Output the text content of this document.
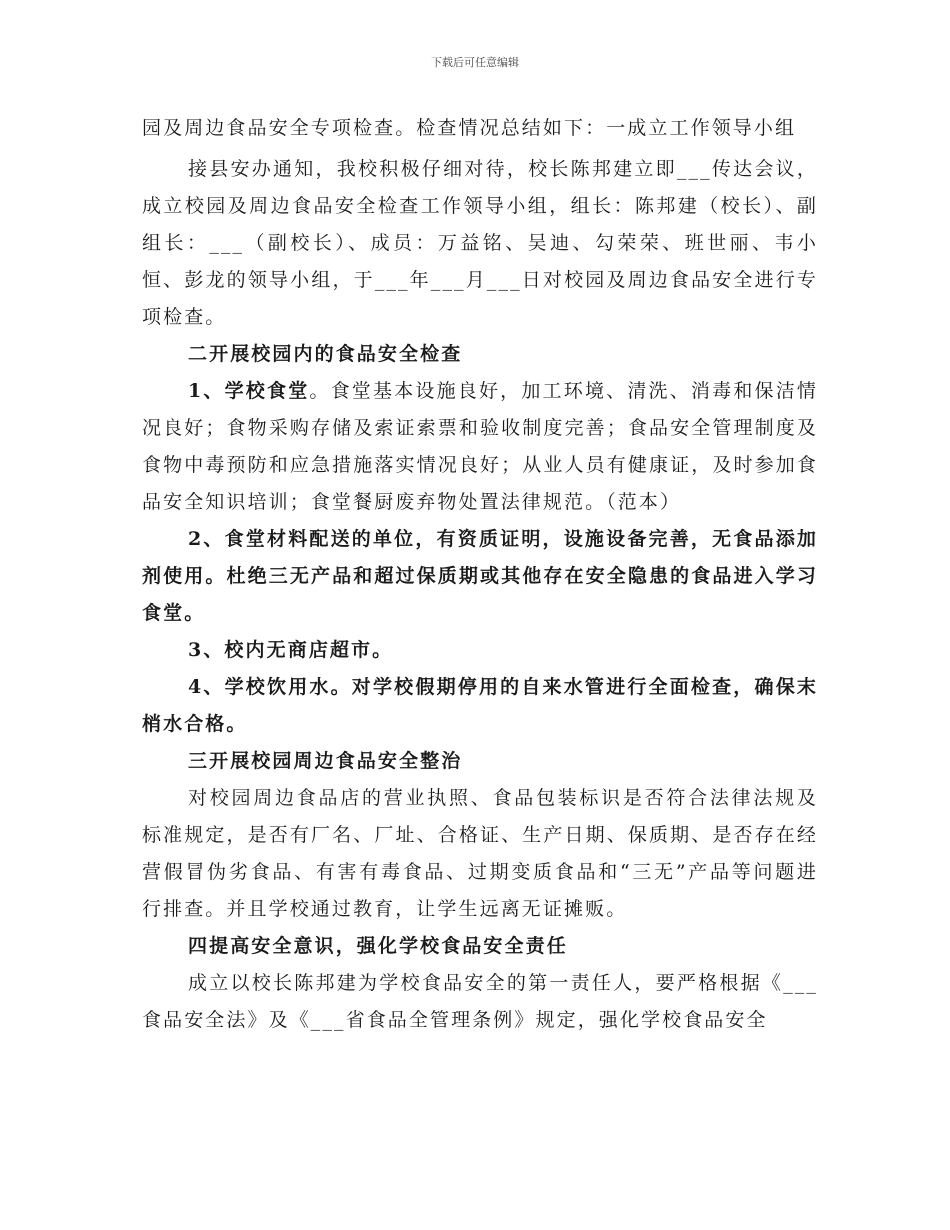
下载后可任意编辑

园及周边食品安全专项检查。检查情况总结如下：一成立工作领导小组

接县安办通知，我校积极仔细对待，校长陈邦建立即___传达会议，成立校园及周边食品安全检查工作领导小组，组长：陈邦建（校长）、副组长：___（副校长）、成员：万益铭、吴迪、勾荣荣、班世丽、韦小恒、彭龙的领导小组，于___年___月___日对校园及周边食品安全进行专项检查。

二开展校园内的食品安全检查

1、学校食堂。食堂基本设施良好，加工环境、清洗、消毒和保洁情况良好；食物采购存储及索证索票和验收制度完善；食品安全管理制度及食物中毒预防和应急措施落实情况良好；从业人员有健康证，及时参加食品安全知识培训；食堂餐厨废弃物处置法律规范。（范本）

2、食堂材料配送的单位，有资质证明，设施设备完善，无食品添加剂使用。杜绝三无产品和超过保质期或其他存在安全隐患的食品进入学习食堂。

3、校内无商店超市。

4、学校饮用水。对学校假期停用的自来水管进行全面检查，确保末梢水合格。

三开展校园周边食品安全整治

对校园周边食品店的营业执照、食品包装标识是否符合法律法规及标准规定，是否有厂名、厂址、合格证、生产日期、保质期、是否存在经营假冒伪劣食品、有害有毒食品、过期变质食品和“三无”产品等问题进行排查。并且学校通过教育，让学生远离无证摊贩。

四提高安全意识，强化学校食品安全责任

成立以校长陈邦建为学校食品安全的第一责任人，要严格根据《___食品安全法》及《___省食品全管理条例》规定，强化学校食品安全
